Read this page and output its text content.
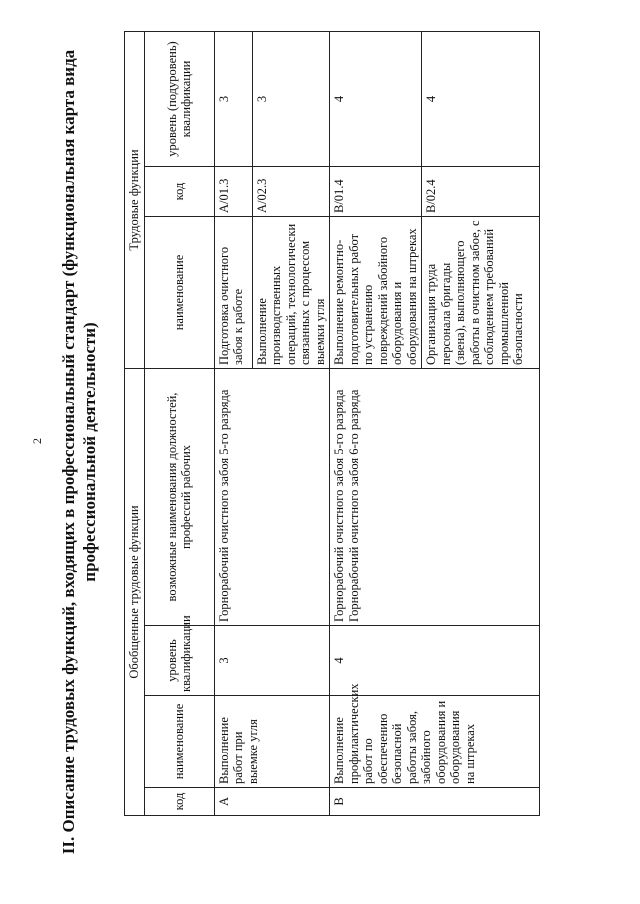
2 II. Описание трудовых функций, входящих в профессиональный стандарт (функциональная карта вида профессиональной деятельности)
Обобщенные трудовые функции				Трудовые функции		
код	наименование	уровень квалификации	возможные наименования должностей, профессий рабочих	наименование	код	уровень (подуровень) квалификации
А	Выполнение работ при выемке угля	3	Горнорабочий очистного забоя 5-го разряда	Подготовка очистного забоя к работе	А/01.3	3
				Выполнение производственных операций, технологически связанных с процессом выемки угля	А/02.3	3
В	Выполнение профилактических работ по обеспечению безопасной работы забоя, забойного оборудования и оборудования на штреках	4	Горнорабочий очистного забоя 5-го разряда Горнорабочий очистного забоя 6-го разряда	Выполнение ремонтно-подготовительных работ по устранению повреждений забойного оборудования и оборудования на штреках	В/01.4	4
				Организация труда персонала бригады (звена), выполняющего работы в очистном забое, с соблюдением требований промышленной безопасности	В/02.4	4
